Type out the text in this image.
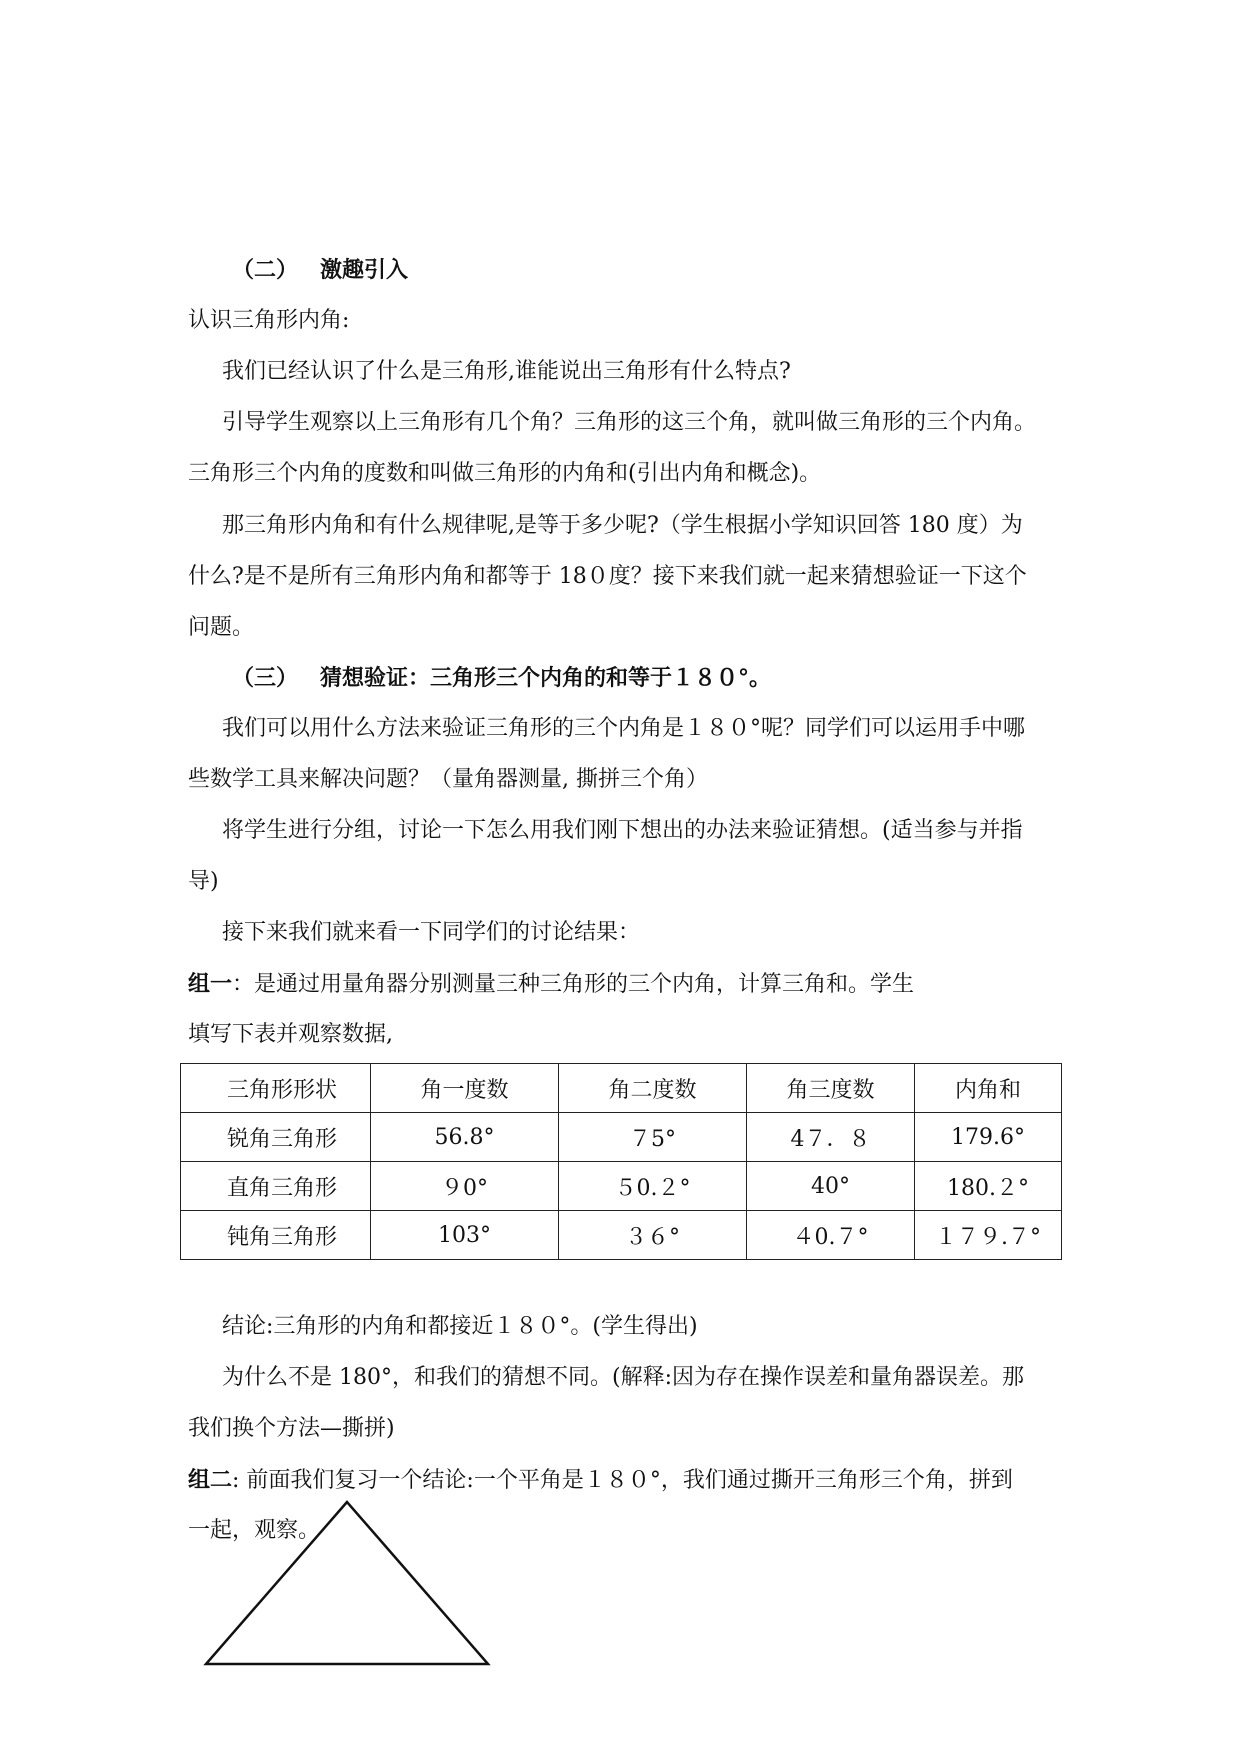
（二） 激趣引入
认识三角形内角:
我们已经认识了什么是三角形,谁能说出三角形有什么特点?
引导学生观察以上三角形有几个角？三角形的这三个角，就叫做三角形的三个内角。
三角形三个内角的度数和叫做三角形的内角和(引出内角和概念)。
那三角形内角和有什么规律呢,是等于多少呢?（学生根据小学知识回答 180 度）为
什么?是不是所有三角形内角和都等于 18０度？接下来我们就一起来猜想验证一下这个
问题。
（三） 猜想验证：三角形三个内角的和等于１８０°。
我们可以用什么方法来验证三角形的三个内角是１８０°呢？同学们可以运用手中哪
些数学工具来解决问题？（量角器测量, 撕拼三个角）
将学生进行分组，讨论一下怎么用我们刚下想出的办法来验证猜想。(适当参与并指
导)
接下来我们就来看一下同学们的讨论结果：
组一：是通过用量角器分别测量三种三角形的三个内角，计算三角和。学生
填写下表并观察数据,
三角形形状	角一度数	角二度数	角三度数	内角和
锐角三角形	56.8°	７5°	4７．８	179.6°
直角三角形	９0°	５0.２°	40°	180.２°
钝角三角形	103°	３６°	４0.７°	１７９.７°
结论:三角形的内角和都接近１８０°。(学生得出)
为什么不是 180°，和我们的猜想不同。(解释:因为存在操作误差和量角器误差。那
我们换个方法—撕拼)
组二: 前面我们复习一个结论:一个平角是１８０°，我们通过撕开三角形三个角，拼到
一起，观察。
